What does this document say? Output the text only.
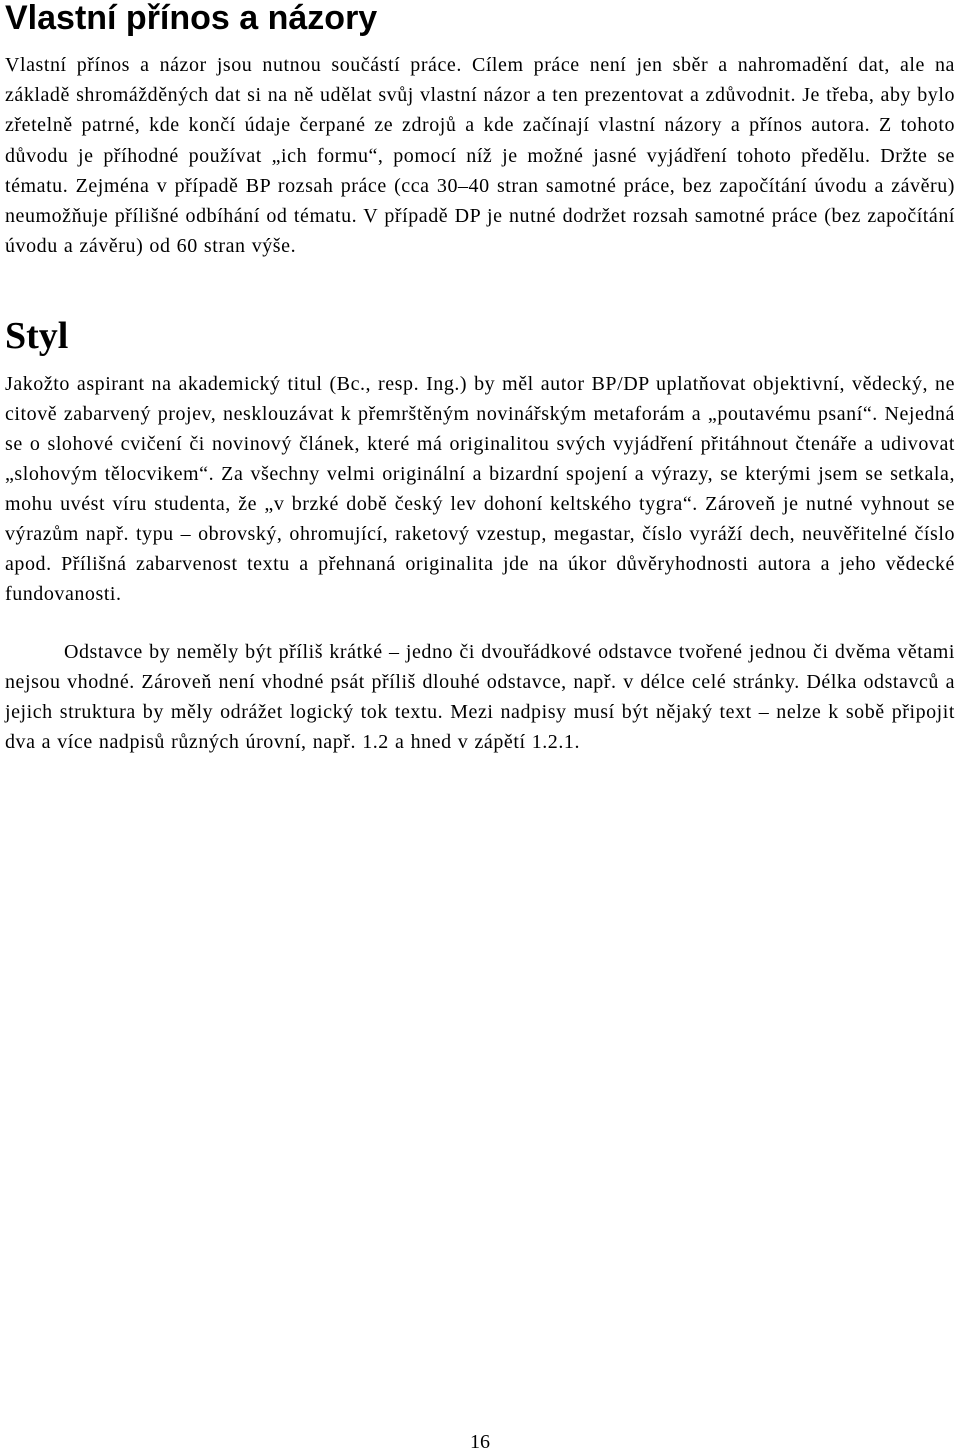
Vlastní přínos a názory

Vlastní přínos a názor jsou nutnou součástí práce. Cílem práce není jen sběr a nahromadění dat, ale na základě shromážděných dat si na ně udělat svůj vlastní názor a ten prezentovat a zdůvodnit. Je třeba, aby bylo zřetelně patrné, kde končí údaje čerpané ze zdrojů a kde začínají vlastní názory a přínos autora. Z tohoto důvodu je příhodné používat „ich formu“, pomocí níž je možné jasné vyjádření tohoto předělu. Držte se tématu. Zejména v případě BP rozsah práce (cca 30–40 stran samotné práce, bez započítání úvodu a závěru) neumožňuje přílišné odbíhání od tématu. V případě DP je nutné dodržet rozsah samotné práce (bez započítání úvodu a závěru) od 60 stran výše.

Styl

Jakožto aspirant na akademický titul (Bc., resp. Ing.) by měl autor BP/DP uplatňovat objektivní, vědecký, ne citově zabarvený projev, nesklouzávat k přemrštěným novinářským metaforám a „poutavému psaní“. Nejedná se o slohové cvičení či novinový článek, které má originalitou svých vyjádření přitáhnout čtenáře a udivovat „slohovým tělocvikem“. Za všechny velmi originální a bizardní spojení a výrazy, se kterými jsem se setkala, mohu uvést víru studenta, že „v brzké době český lev dohoní keltského tygra“. Zároveň je nutné vyhnout se výrazům např. typu – obrovský, ohromující, raketový vzestup, megastar, číslo vyráží dech, neuvěřitelné číslo apod. Přílišná zabarvenost textu a přehnaná originalita jde na úkor důvěryhodnosti autora a jeho vědecké fundovanosti.

Odstavce by neměly být příliš krátké – jedno či dvouřádkové odstavce tvořené jednou či dvěma větami nejsou vhodné. Zároveň není vhodné psát příliš dlouhé odstavce, např. v délce celé stránky. Délka odstavců a jejich struktura by měly odrážet logický tok textu. Mezi nadpisy musí být nějaký text – nelze k sobě připojit dva a více nadpisů různých úrovní, např. 1.2 a hned v zápětí 1.2.1.

16
